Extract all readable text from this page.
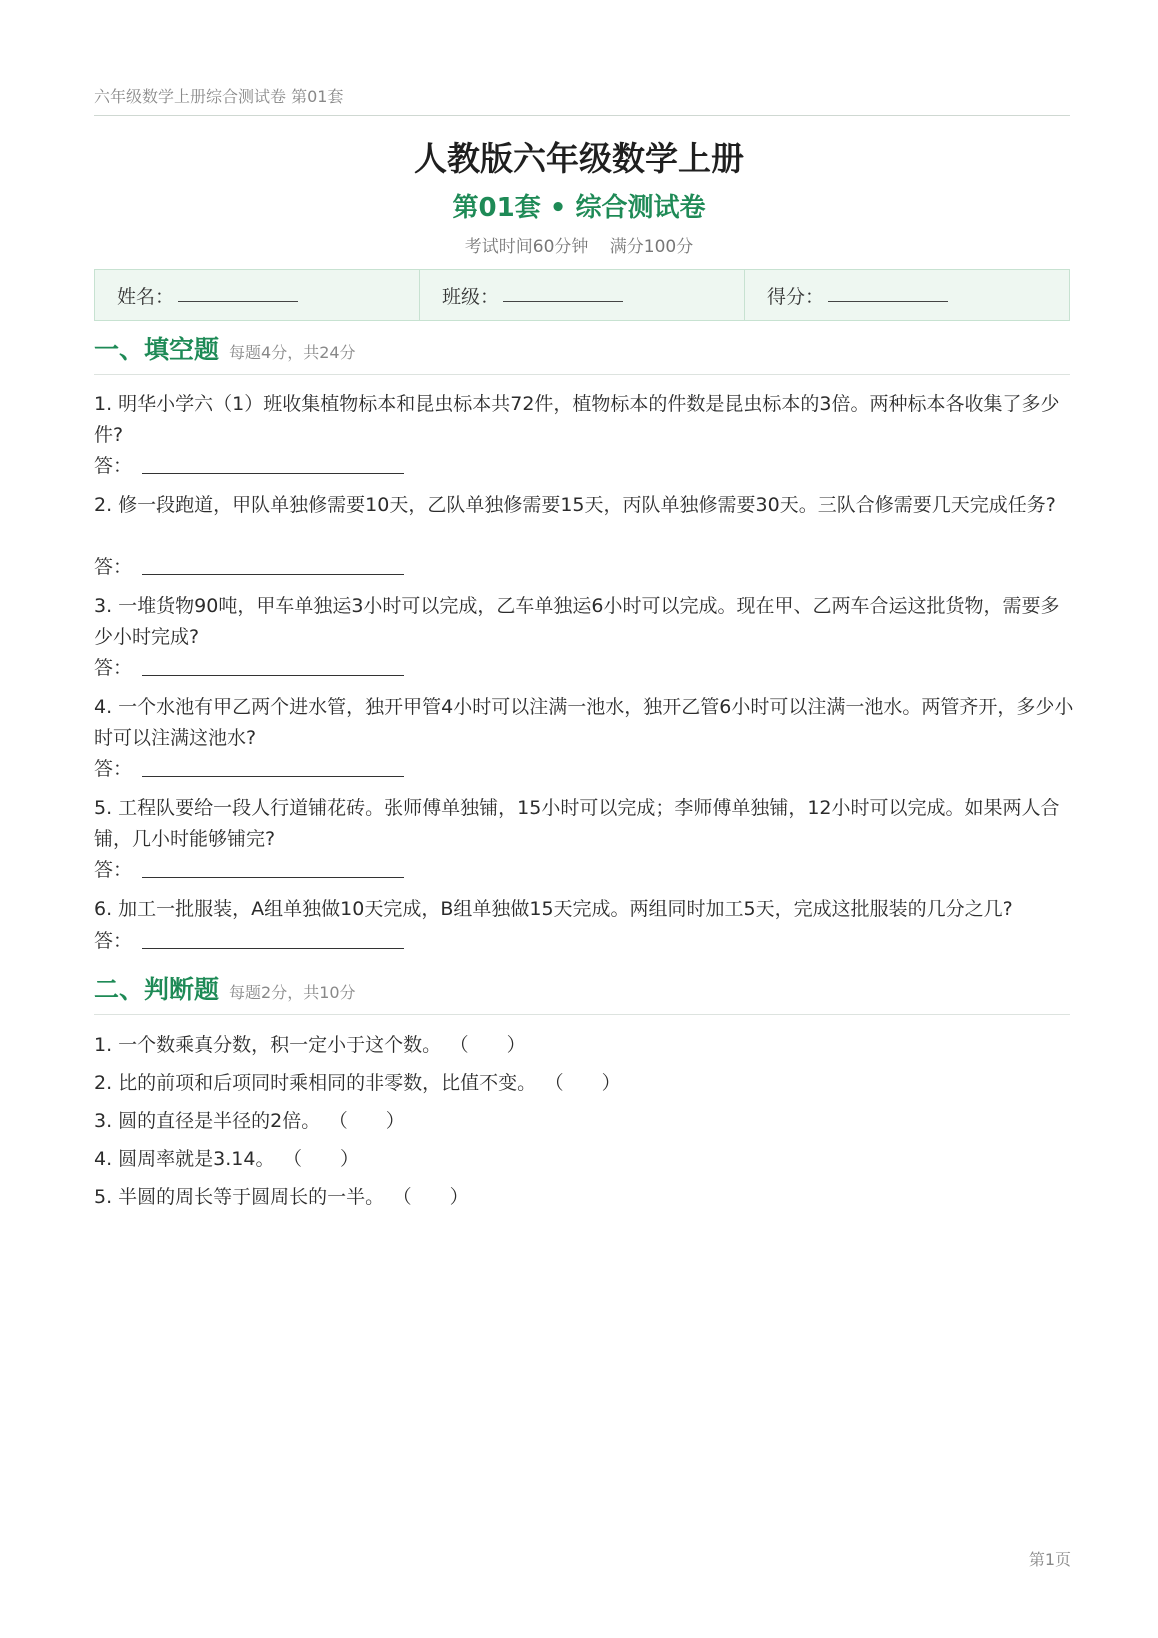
六年级数学上册综合测试卷 第01套
人教版六年级数学上册
第01套 • 综合测试卷
考试时间60分钟 满分100分
姓名：	班级：	得分：
一、填空题 每题4分，共24分
1. 明华小学六（1）班收集植物标本和昆虫标本共72件，植物标本的件数是昆虫标本的3倍。两种标本各收集了多少件?
答：
2. 修一段跑道，甲队单独修需要10天，乙队单独修需要15天，丙队单独修需要30天。三队合修需要几天完成任务?
答：
3. 一堆货物90吨，甲车单独运3小时可以完成，乙车单独运6小时可以完成。现在甲、乙两车合运这批货物，需要多少小时完成?
答：
4. 一个水池有甲乙两个进水管，独开甲管4小时可以注满一池水，独开乙管6小时可以注满一池水。两管齐开，多少小时可以注满这池水?
答：
5. 工程队要给一段人行道铺花砖。张师傅单独铺，15小时可以完成；李师傅单独铺，12小时可以完成。如果两人合铺，几小时能够铺完?
答：
6. 加工一批服装，A组单独做10天完成，B组单独做15天完成。两组同时加工5天，完成这批服装的几分之几?
答：
二、判断题 每题2分，共10分
1. 一个数乘真分数，积一定小于这个数。 （　　）
2. 比的前项和后项同时乘相同的非零数，比值不变。 （　　）
3. 圆的直径是半径的2倍。 （　　）
4. 圆周率就是3.14。 （　　）
5. 半圆的周长等于圆周长的一半。 （　　）
第1页
